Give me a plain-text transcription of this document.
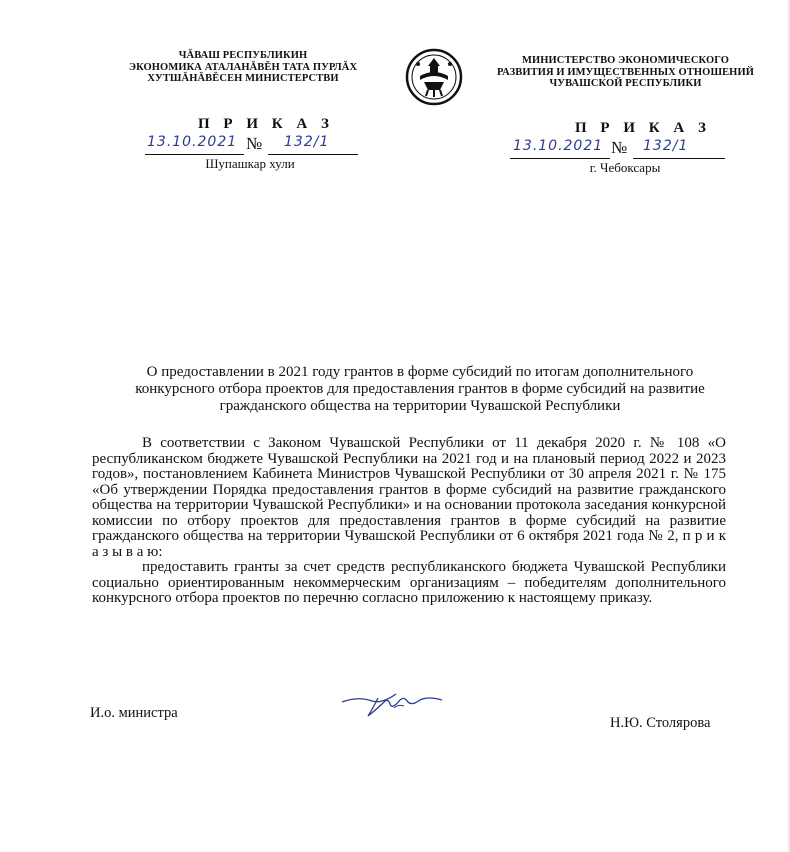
ЧĂВАШ РЕСПУБЛИКИН
ЭКОНОМИКА АТАЛАНĂВĔН ТАТА ПУРЛĂХ
ХУТШĂНĂВĔСЕН МИНИСТЕРСТВИ
МИНИСТЕРСТВО ЭКОНОМИЧЕСКОГО
РАЗВИТИЯ И ИМУЩЕСТВЕННЫХ ОТНОШЕНИЙ
ЧУВАШСКОЙ РЕСПУБЛИКИ
П Р И К А З
13.10.2021 № 132/1
Шупашкар хули
П Р И К А З
13.10.2021 № 132/1
г. Чебоксары
О предоставлении в 2021 году грантов в форме субсидий по итогам дополнительного
конкурсного отбора проектов для предоставления грантов в форме субсидий на развитие
гражданского общества на территории Чувашской Республики

В соответствии с Законом Чувашской Республики от 11 декабря 2020 г. № 108 «О республиканском бюджете Чувашской Республики на 2021 год и на плановый период 2022 и 2023 годов», постановлением Кабинета Министров Чувашской Республики от 30 апреля 2021 г. № 175 «Об утверждении Порядка предоставления грантов в форме субсидий на развитие гражданского общества на территории Чувашской Республики» и на основании протокола заседания конкурсной комиссии по отбору проектов для предоставления грантов в форме субсидий на развитие гражданского общества на территории Чувашской Республики от 6 октября 2021 года № 2, п р и к а з ы в а ю:

предоставить гранты за счет средств республиканского бюджета Чувашской Республики социально ориентированным некоммерческим организациям – победителям дополнительного конкурсного отбора проектов по перечню согласно приложению к настоящему приказу.

И.о. министра
Н.Ю. Столярова
